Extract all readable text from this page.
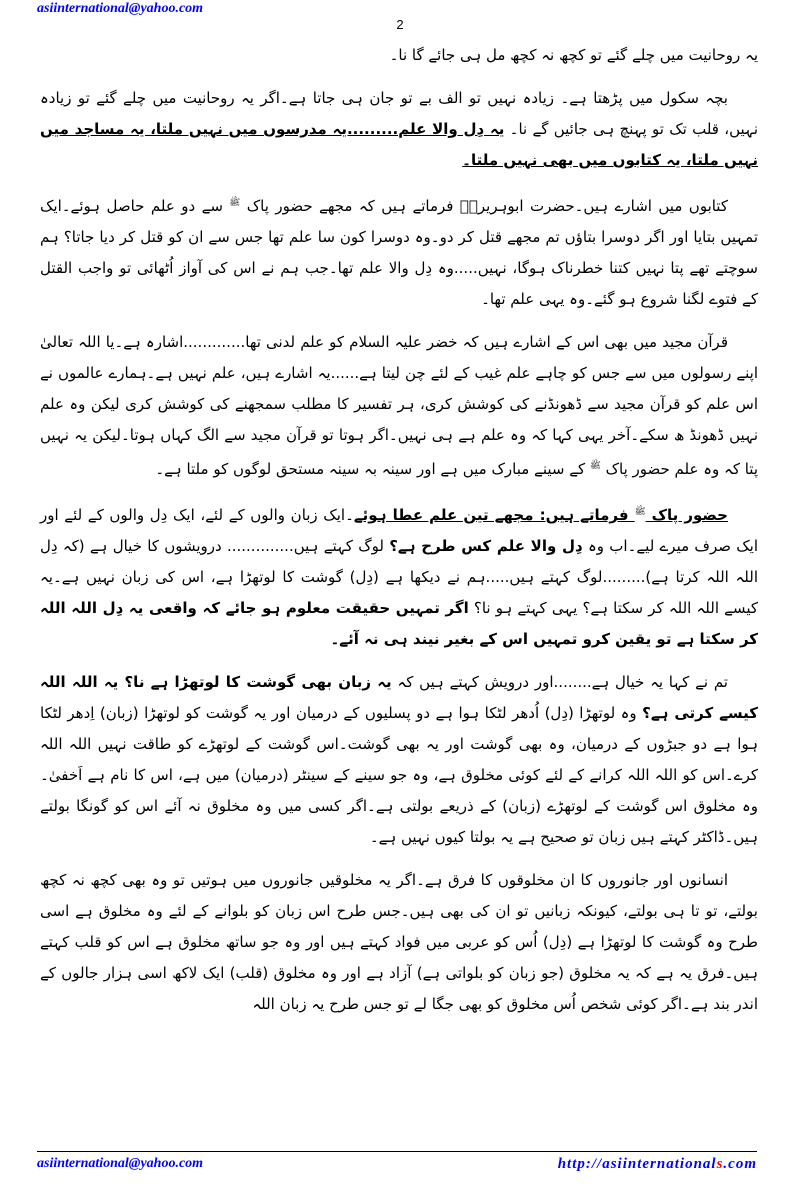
asiinternational@yahoo.com
2

یہ روحانیت میں چلے گئے تو کچھ نہ کچھ مل ہی جائے گا نا۔

بچہ سکول میں پڑھتا ہے۔ زیادہ نہیں تو الف بے تو جان ہی جاتا ہے۔اگر یہ روحانیت میں چلے گئے تو زیادہ نہیں، قلب تک تو پہنچ ہی جائیں گے نا۔ یہ دِل والا علم.........یہ مدرسوں میں نہیں ملتا، یہ مساجد میں نہیں ملتا، یہ کتابوں میں بھی نہیں ملتا۔

کتابوں میں اشارے ہیں۔حضرت ابوہریرہؓ فرماتے ہیں کہ مجھے حضور پاک $^ﷺ$ سے دو علم حاصل ہوئے۔ایک تمہیں بتایا اور اگر دوسرا بتاؤں تم مجھے قتل کر دو۔وہ دوسرا کون سا علم تھا جس سے ان کو قتل کر دیا جاتا؟ ہم سوچتے تھے پتا نہیں کتنا خطرناک ہوگا، نہیں.....وہ دِل والا علم تھا۔جب ہم نے اس کی آواز اُٹھائی تو واجب القتل کے فتوے لگنا شروع ہو گئے۔وہ یہی علم تھا۔

قرآن مجید میں بھی اس کے اشارے ہیں کہ خضر علیہ السلام کو علم لدنی تھا.............اشارہ ہے۔یا اللہ تعالیٰ اپنے رسولوں میں سے جس کو چاہے علم غیب کے لئے چن لیتا ہے......یہ اشارے ہیں، علم نہیں ہے۔ہمارے عالموں نے اس علم کو قرآن مجید سے ڈھونڈنے کی کوشش کری، ہر تفسیر کا مطلب سمجھنے کی کوشش کری لیکن وہ علم نہیں ڈھونڈ ھ سکے۔آخر یہی کہا کہ وہ علم ہے ہی نہیں۔اگر ہوتا تو قرآن مجید سے الگ کہاں ہوتا۔لیکن یہ نہیں پتا کہ وہ علم حضور پاک $^ﷺ$ کے سینے مبارک میں ہے اور سینہ بہ سینہ مستحق لوگوں کو ملتا ہے۔

حضور پاک $^ﷺ$ فرماتے ہیں: مجھے تین علم عطا ہوئے۔ایک زبان والوں کے لئے، ایک دِل والوں کے لئے اور ایک صرف میرے لیے۔اب وہ دِل والا علم کس طرح ہے؟ لوگ کہتے ہیں.............. درویشوں کا خیال ہے (کہ دِل اللہ اللہ کرتا ہے).........لوگ کہتے ہیں.....ہم نے دیکھا ہے (دِل) گوشت کا لوتھڑا ہے، اس کی زبان نہیں ہے۔یہ کیسے اللہ اللہ کر سکتا ہے؟ یہی کہتے ہو نا؟ اگر تمہیں حقیقت معلوم ہو جائے کہ واقعی یہ دِل اللہ اللہ کر سکتا ہے تو یقین کرو تمہیں اس کے بغیر نیند ہی نہ آئے۔

تم نے کہا یہ خیال ہے........اور درویش کہتے ہیں کہ یہ زبان بھی گوشت کا لوتھڑا ہے نا؟ یہ اللہ اللہ کیسے کرتی ہے؟ وہ لوتھڑا (دِل) اُدھر لٹکا ہوا ہے دو پسلیوں کے درمیان اور یہ گوشت کو لوتھڑا (زبان) اِدھر لٹکا ہوا ہے دو جبڑوں کے درمیان، وہ بھی گوشت اور یہ بھی گوشت۔اس گوشت کے لوتھڑے کو طاقت نہیں اللہ اللہ کرے۔اس کو اللہ اللہ کرانے کے لئے کوئی مخلوق ہے، وہ جو سینے کے سینٹر (درمیان) میں ہے، اس کا نام ہے اَخفیٰ۔وہ مخلوق اس گوشت کے لوتھڑے (زبان) کے ذریعے بولتی ہے۔اگر کسی میں وہ مخلوق نہ آئے اس کو گونگا بولتے ہیں۔ڈاکٹر کہتے ہیں زبان تو صحیح ہے یہ بولتا کیوں نہیں ہے۔

انسانوں اور جانوروں کا ان مخلوقوں کا فرق ہے۔اگر یہ مخلوقیں جانوروں میں ہوتیں تو وہ بھی کچھ نہ کچھ بولتے، تو تا ہی بولتے، کیونکہ زبانیں تو ان کی بھی ہیں۔جس طرح اس زبان کو بلوانے کے لئے وہ مخلوق ہے اسی طرح وہ گوشت کا لوتھڑا ہے (دِل) اُس کو عربی میں فواد کہتے ہیں اور وہ جو ساتھ مخلوق ہے اس کو قلب کہتے ہیں۔فرق یہ ہے کہ یہ مخلوق (جو زبان کو بلواتی ہے) آزاد ہے اور وہ مخلوق (قلب) ایک لاکھ اسی ہزار جالوں کے اندر بند ہے۔اگر کوئی شخص اُس مخلوق کو بھی جگا لے تو جس طرح یہ زبان اللہ

asiinternational@yahoo.com	http://asiinternationals.com
